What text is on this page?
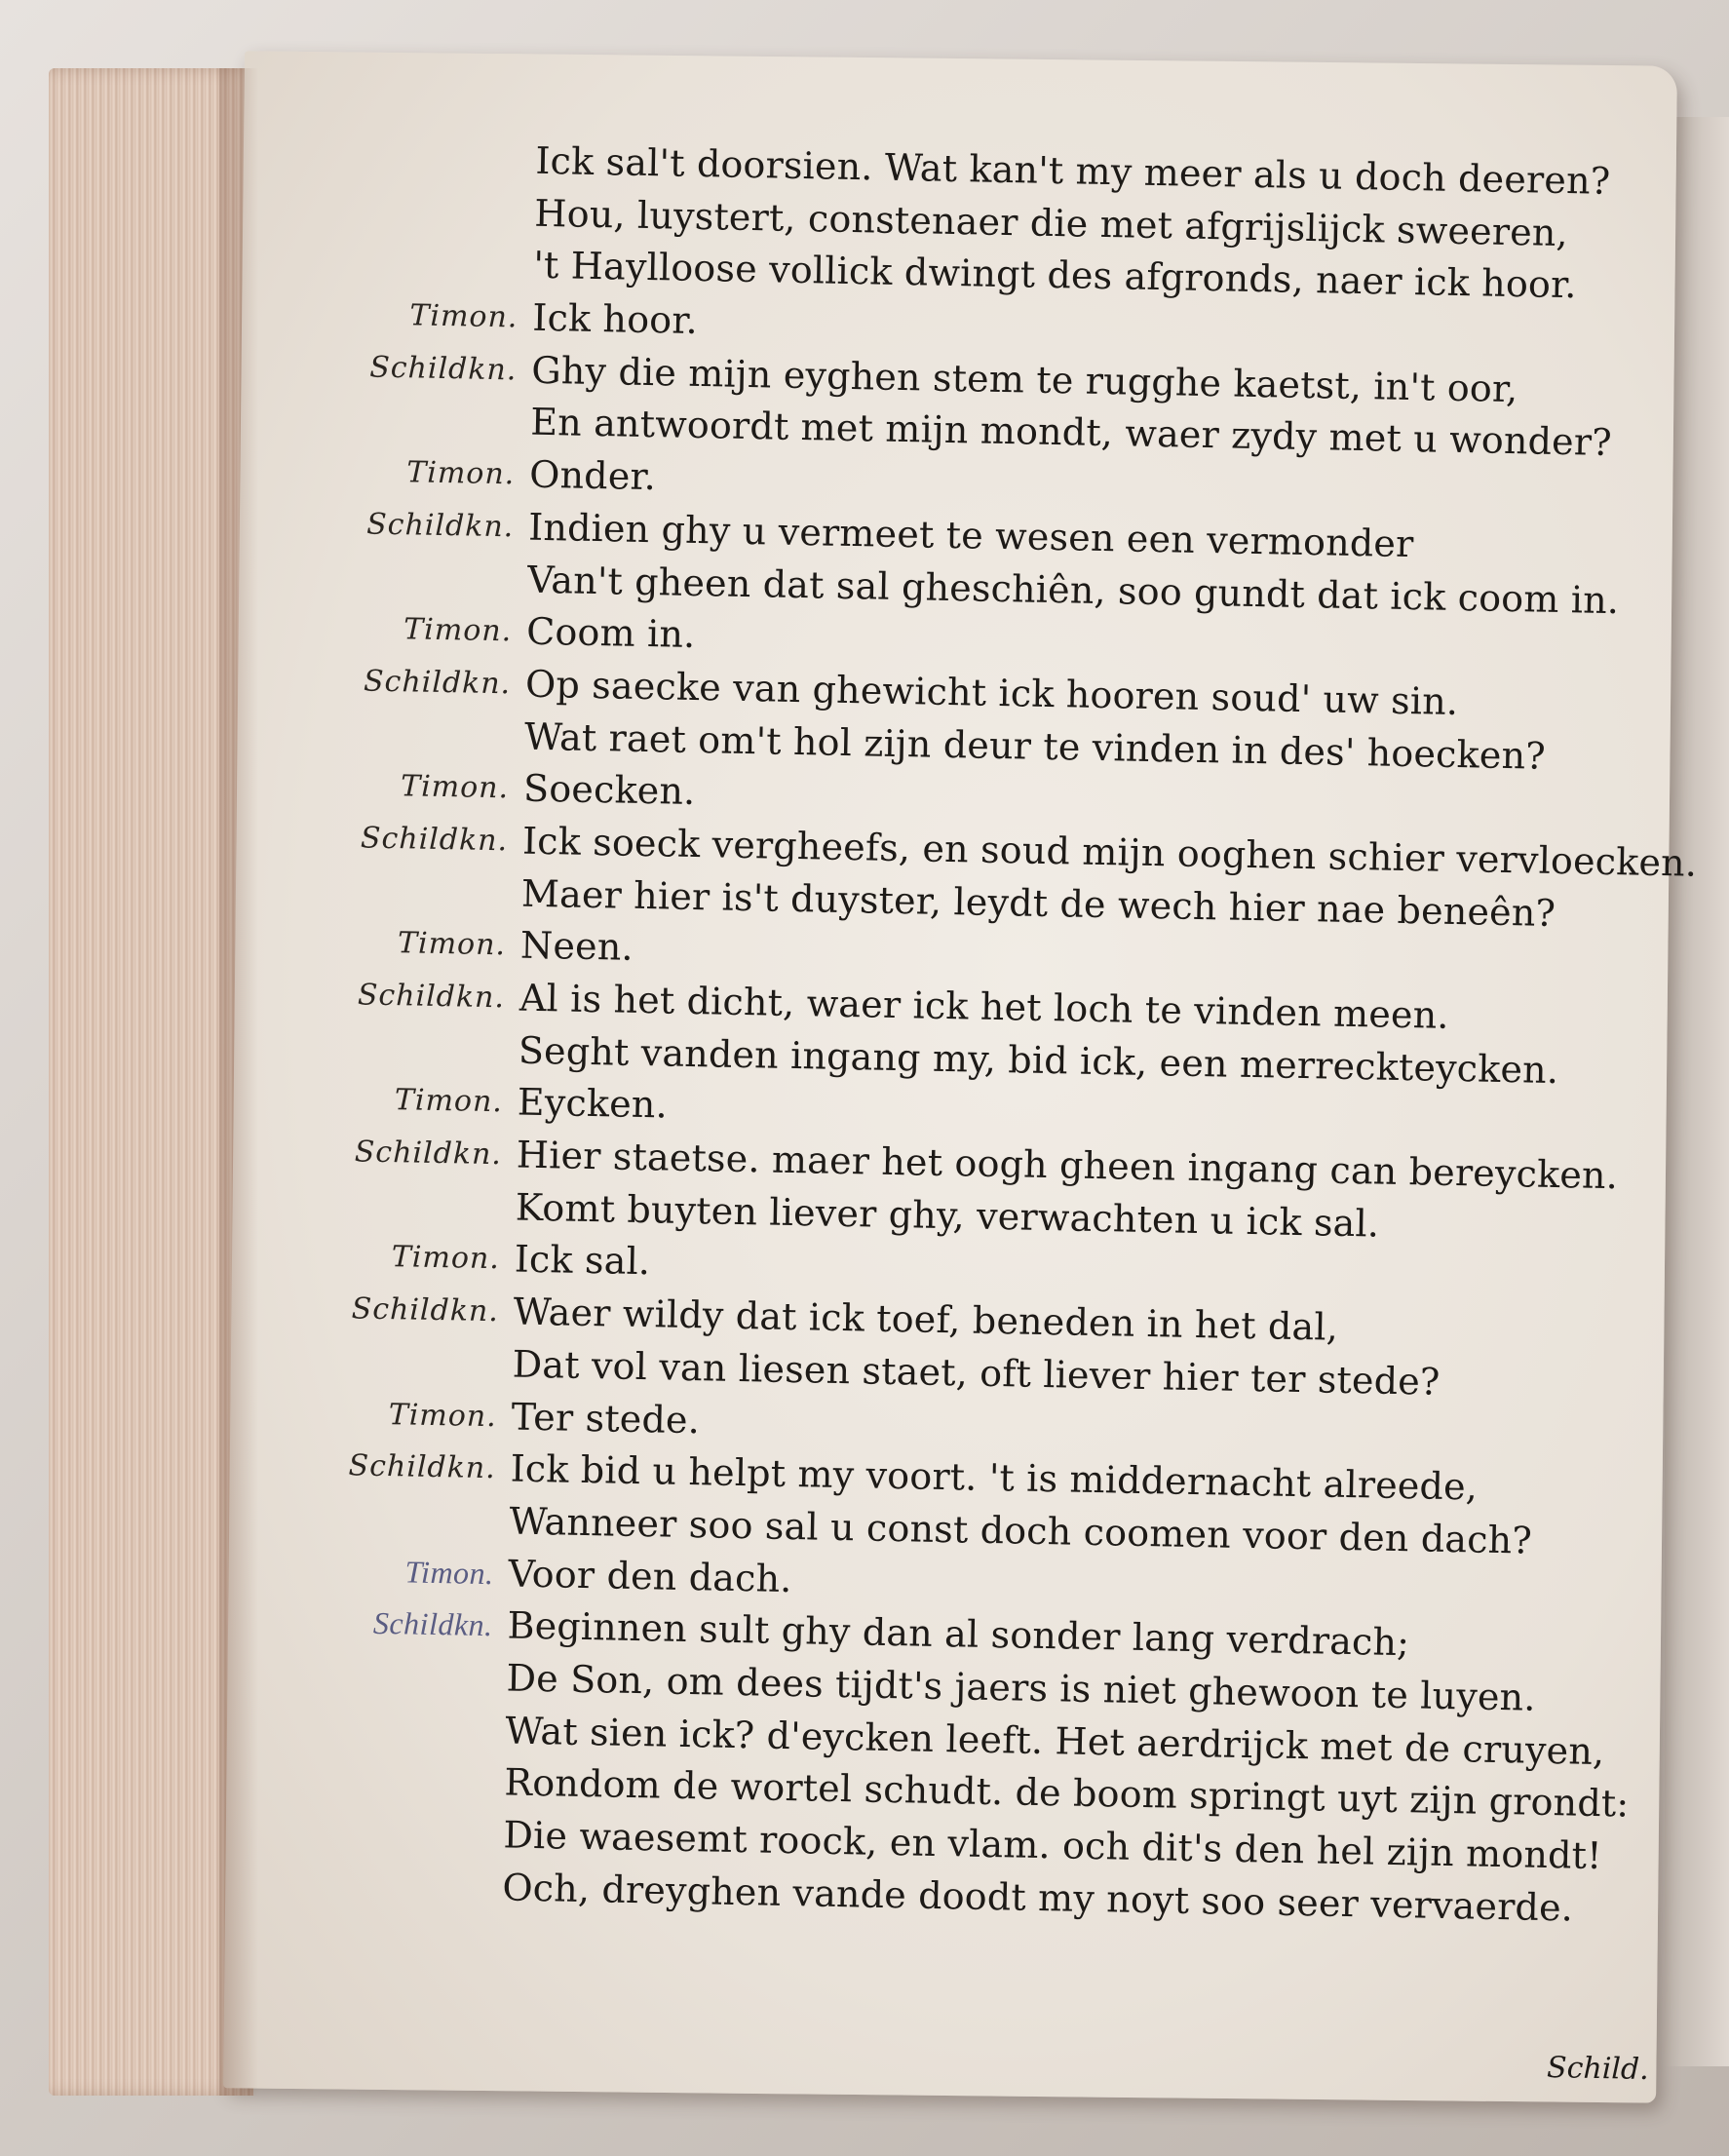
Ick sal't doorsien. Wat kan't my meer als u doch deeren?
Hou, luystert, constenaer die met afgrijslijck sweeren,
't Haylloose vollick dwingt des afgronds, naer ick hoor.
Timon. Ick hoor.
Schildkn. Ghy die mijn eyghen stem te rugghe kaetst, in't oor,
En antwoordt met mijn mondt, waer zydy met u wonder?
Timon. Onder.
Schildkn. Indien ghy u vermeet te wesen een vermonder
Van't gheen dat sal gheschiên, soo gundt dat ick coom in.
Timon. Coom in.
Schildkn. Op saecke van ghewicht ick hooren soud' uw sin.
Wat raet om't hol zijn deur te vinden in des' hoecken?
Timon. Soecken.
Schildkn. Ick soeck vergheefs, en soud mijn ooghen schier vervloecken.
Maer hier is't duyster, leydt de wech hier nae beneên?
Timon. Neen.
Schildkn. Al is het dicht, waer ick het loch te vinden meen.
Seght vanden ingang my, bid ick, een merreckteycken.
Timon. Eycken.
Schildkn. Hier staetse. maer het oogh gheen ingang can bereycken.
Komt buyten liever ghy, verwachten u ick sal.
Timon. Ick sal.
Schildkn. Waer wildy dat ick toef, beneden in het dal,
Dat vol van liesen staet, oft liever hier ter stede?
Timon. Ter stede.
Schildkn. Ick bid u helpt my voort. 't is middernacht alreede,
Wanneer soo sal u const doch coomen voor den dach?
Timon. Voor den dach.
Schildkn. Beginnen sult ghy dan al sonder lang verdrach;
De Son, om dees tijdt's jaers is niet ghewoon te luyen.
Wat sien ick? d'eycken leeft. Het aerdrijck met de cruyen,
Rondom de wortel schudt. de boom springt uyt zijn grondt:
Die waesemt roock, en vlam. och dit's den hel zijn mondt!
Och, dreyghen vande doodt my noyt soo seer vervaerde.
Schild.
